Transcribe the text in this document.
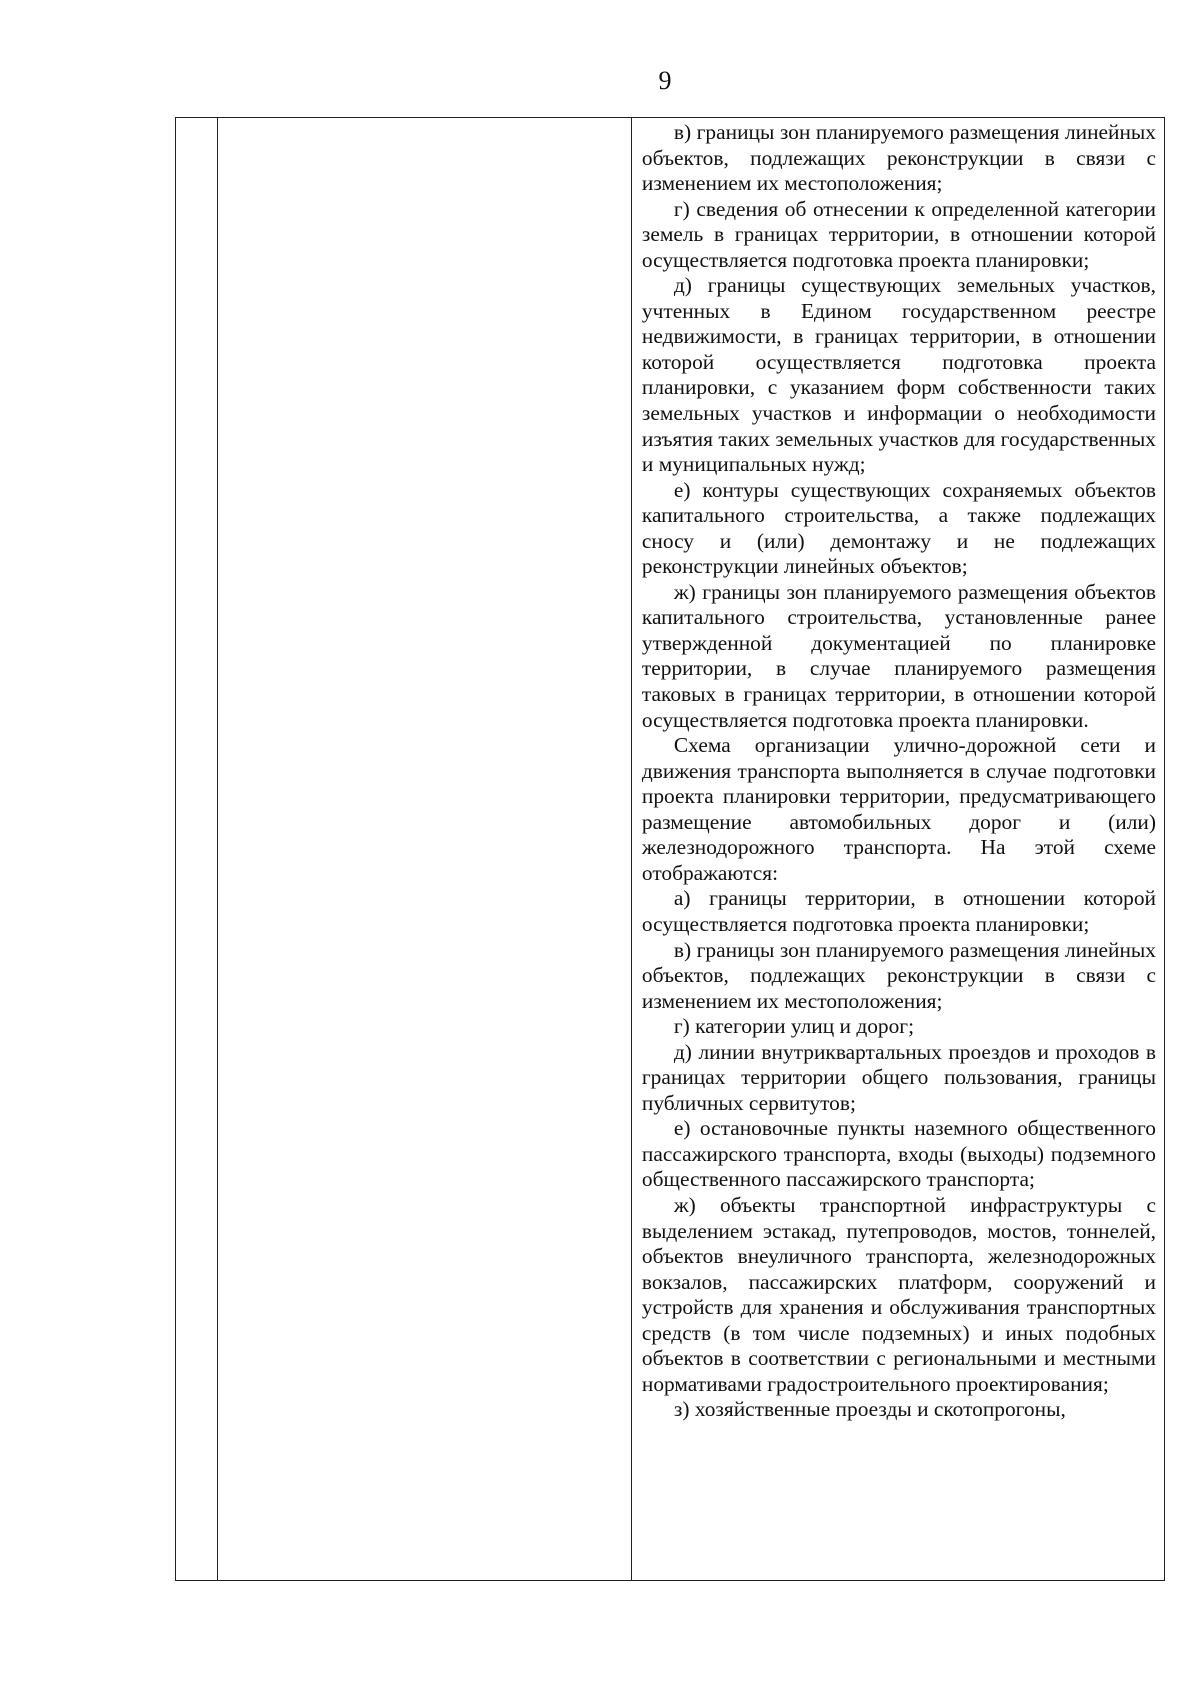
9

в) границы зон планируемого размещения линейных объектов, подлежащих реконструкции в связи с изменением их местоположения;

г) сведения об отнесении к определенной категории земель в границах территории, в отношении которой осуществляется подготовка проекта планировки;

д) границы существующих земельных участков, учтенных в Едином государственном реестре недвижимости, в границах территории, в отношении которой осуществляется подготовка проекта планировки, с указанием форм собственности таких земельных участков и информации о необходимости изъятия таких земельных участков для государственных и муниципальных нужд;

е) контуры существующих сохраняемых объектов капитального строительства, а также подлежащих сносу и (или) демонтажу и не подлежащих реконструкции линейных объектов;

ж) границы зон планируемого размещения объектов капитального строительства, установленные ранее утвержденной документацией по планировке территории, в случае планируемого размещения таковых в границах территории, в отношении которой осуществляется подготовка проекта планировки.

Схема организации улично-дорожной сети и движения транспорта выполняется в случае подготовки проекта планировки территории, предусматривающего размещение автомобильных дорог и (или) железнодорожного транспорта. На этой схеме отображаются:

а) границы территории, в отношении которой осуществляется подготовка проекта планировки;

в) границы зон планируемого размещения линейных объектов, подлежащих реконструкции в связи с изменением их местоположения;

г) категории улиц и дорог;

д) линии внутриквартальных проездов и проходов в границах территории общего пользования, границы публичных сервитутов;

е) остановочные пункты наземного общественного пассажирского транспорта, входы (выходы) подземного общественного пассажирского транспорта;

ж) объекты транспортной инфраструктуры с выделением эстакад, путепроводов, мостов, тоннелей, объектов внеуличного транспорта, железнодорожных вокзалов, пассажирских платформ, сооружений и устройств для хранения и обслуживания транспортных средств (в том числе подземных) и иных подобных объектов в соответствии с региональными и местными нормативами градостроительного проектирования;

з) хозяйственные проезды и скотопрогоны,
